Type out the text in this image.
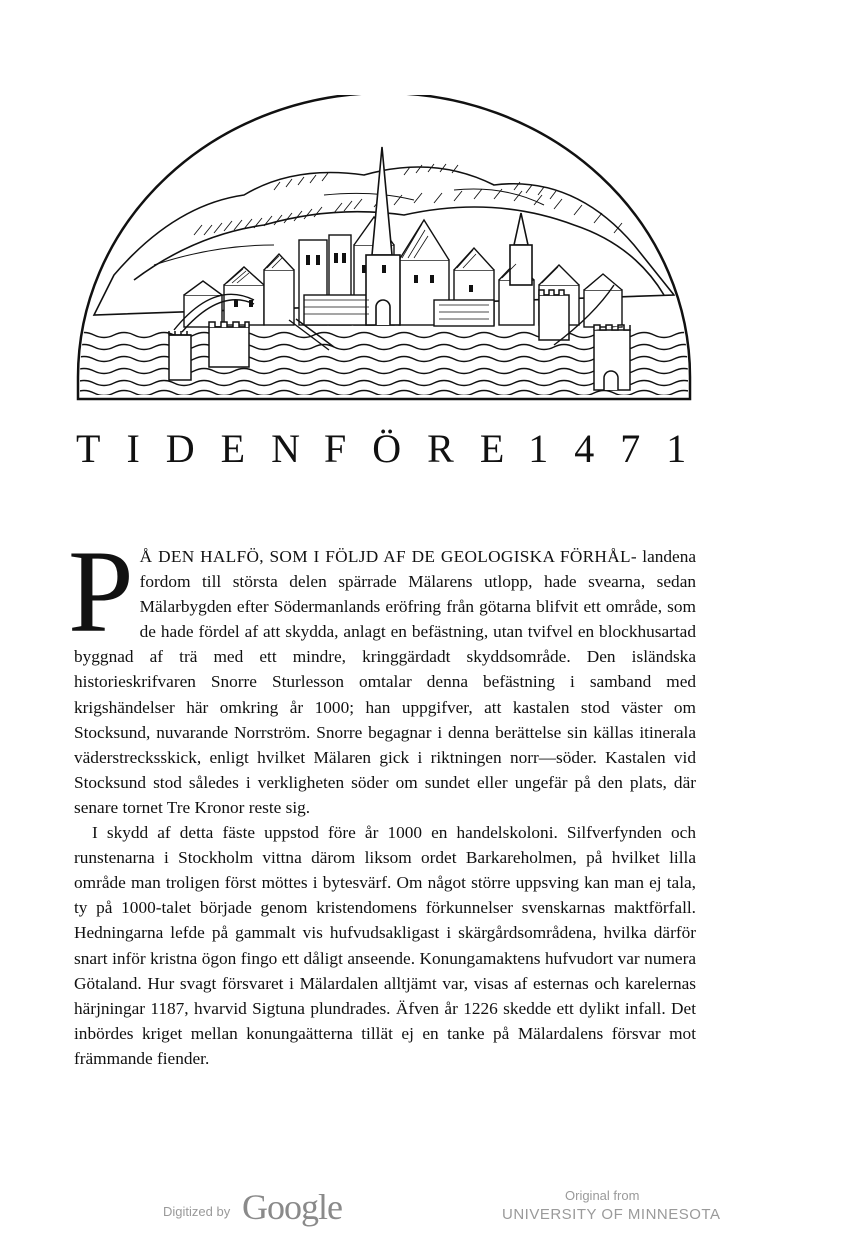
T I D E N F Ö R E 1 4 7 1

P Å DEN HALFÖ, SOM I FÖLJD AF DE GEOLOGISKA FÖRHÅL- landena fordom till största delen spärrade Mälarens utlopp, hade svearna, sedan Mälarbygden efter Södermanlands eröfring från götarna blifvit ett område, som de hade fördel af att skydda, anlagt en befästning, utan tvifvel en blockhusartad byggnad af trä med ett mindre, kringgärdadt skyddsområde. Den isländska historieskrifvaren Snorre Sturlesson omtalar denna befästning i samband med krigshändelser här omkring år 1000; han uppgifver, att kastalen stod väster om Stocksund, nuvarande Norrström. Snorre begagnar i denna berättelse sin källas itinerala väderstrecksskick, enligt hvilket Mälaren gick i riktningen norr—söder. Kastalen vid Stocksund stod således i verkligheten söder om sundet eller ungefär på den plats, där senare tornet Tre Kronor reste sig.

I skydd af detta fäste uppstod före år 1000 en handelskoloni. Silfverfynden och runstenarna i Stockholm vittna därom liksom ordet Barkareholmen, på hvilket lilla område man troligen först möttes i bytesvärf. Om något större uppsving kan man ej tala, ty på 1000-talet började genom kristendomens förkunnelser svenskarnas maktförfall. Hedningarna lefde på gammalt vis hufvudsakligast i skärgårdsområdena, hvilka därför snart inför kristna ögon fingo ett dåligt anseende. Konungamaktens hufvudort var numera Götaland. Hur svagt försvaret i Mälardalen alltjämt var, visas af esternas och karelernas härjningar 1187, hvarvid Sigtuna plundrades. Äfven år 1226 skedde ett dylikt infall. Det inbördes kriget mellan konungaätterna tillät ej en tanke på Mälardalens försvar mot främmande fiender.

Digitized by Google	Original from
UNIVERSITY OF MINNESOTA
